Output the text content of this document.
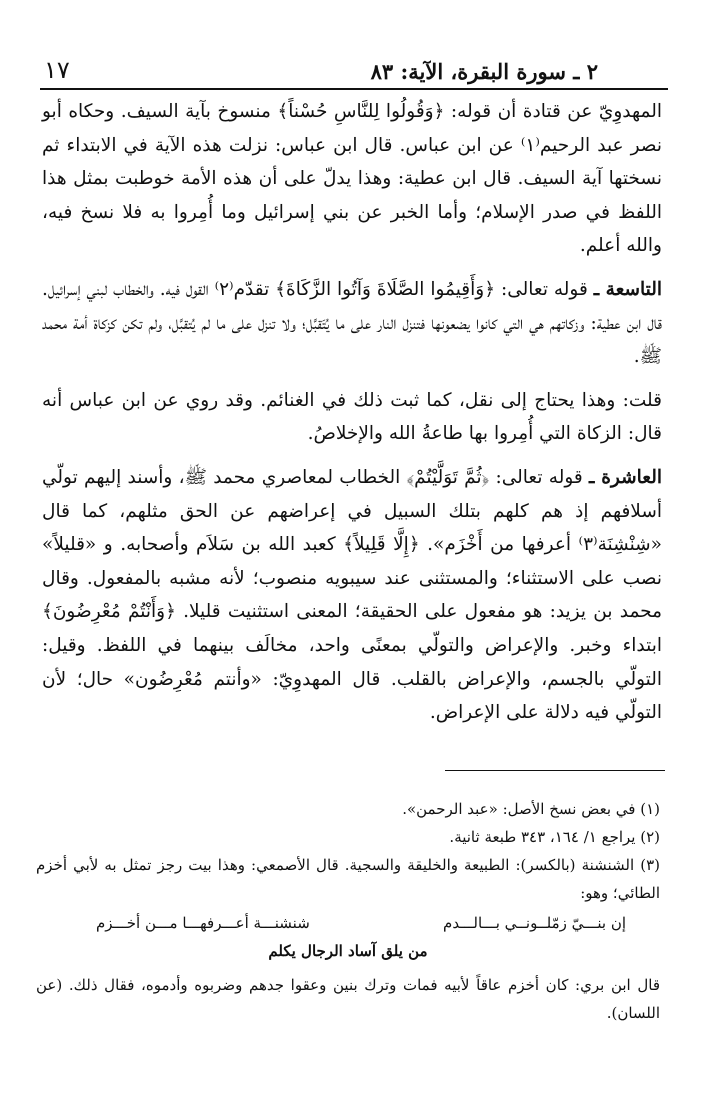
١٧	٢ ـ سورة البقرة، الآية: ٨٣

المهدوِيّ عن قتادة أن قوله: ﴿وَقُولُوا لِلنَّاسِ حُسْناً﴾ منسوخ بآية السيف. وحكاه أبو نصر عبد الرحيم⁽١⁾ عن ابن عباس. قال ابن عباس: نزلت هذه الآية في الابتداء ثم نسختها آية السيف. قال ابن عطية: وهذا يدلّ على أن هذه الأمة خوطبت بمثل هذا اللفظ في صدر الإسلام؛ وأما الخبر عن بني إسرائيل وما أُمِروا به فلا نسخ فيه، والله أعلم.

التاسعة ـ قوله تعالى: ﴿وَأَقِيمُوا الصَّلَاةَ وَآتُوا الزَّكَاةَ﴾ تقدّم⁽٢⁾ القول فيه. والخطاب لبني إسرائيل. قال ابن عطية: وزكاتهم هي التي كانوا يضعونها فتنزل النار على ما يُتَقبَّل؛ ولا تنزل على ما لم يُتقبَّل، ولم تكن كزكاة أمة محمد ﷺ.

قلت: وهذا يحتاج إلى نقل، كما ثبت ذلك في الغنائم. وقد روي عن ابن عباس أنه قال: الزكاة التي أُمِروا بها طاعةُ الله والإخلاصُ.

العاشرة ـ قوله تعالى: ﴿ثُمَّ تَوَلَّيْتُمْ﴾ الخطاب لمعاصري محمد ﷺ، وأسند إليهم تولّي أسلافهم إذ هم كلهم بتلك السبيل في إعراضهم عن الحق مثلهم، كما قال «شِنْشِنَة⁽٣⁾ أعرفها من أَخْزَم». ﴿إِلَّا قَلِيلاً﴾ كعبد الله بن سَلاَم وأصحابه. و «قليلاً» نصب على الاستثناء؛ والمستثنى عند سيبويه منصوب؛ لأنه مشبه بالمفعول. وقال محمد بن يزيد: هو مفعول على الحقيقة؛ المعنى استثنيت قليلا. ﴿وَأَنْتُمْ مُعْرِضُونَ﴾ ابتداء وخبر. والإعراض والتولّي بمعنًى واحد، مخالَف بينهما في اللفظ. وقيل: التولّي بالجسم، والإعراض بالقلب. قال المهدوِيّ: «وأنتم مُعْرِضُون» حال؛ لأن التولّي فيه دلالة على الإعراض.

(١) في بعض نسخ الأصل: «عبد الرحمن».

(٢) يراجع ١/ ١٦٤، ٣٤٣ طبعة ثانية.

(٣) الشنشنة (بالكسر): الطبيعة والخليقة والسجية. قال الأصمعي: وهذا بيت رجز تمثل به لأبي أخزم الطائي؛ وهو:

إن بنـــيّ زمّلــونــي بـــالـــدم
شنشنـــة أعـــرفهـــا مـــن أخـــزم
من يلق آساد الرجال يكلم

قال ابن بري: كان أخزم عاقاً لأبيه فمات وترك بنين وعقوا جدهم وضربوه وأدموه، فقال ذلك. (عن اللسان).
